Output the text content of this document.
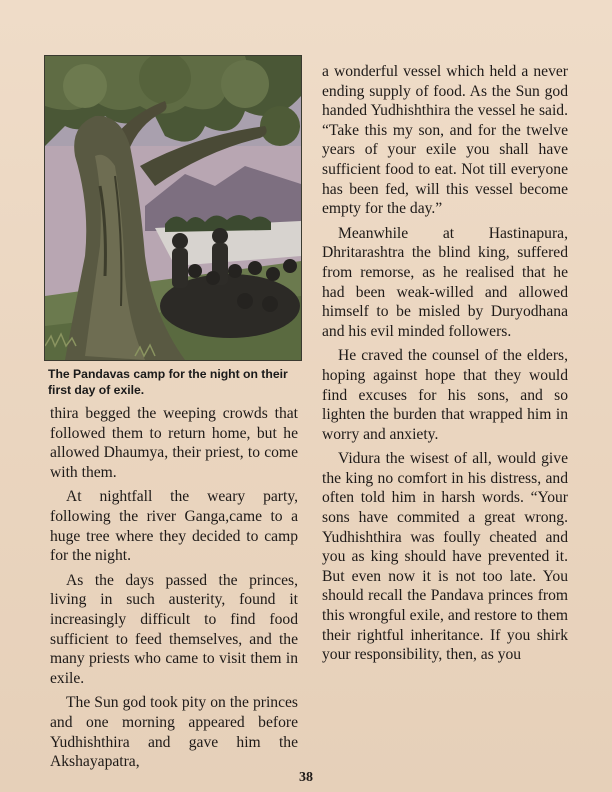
The Pandavas camp for the night on their first day of exile.

thira begged the weeping crowds that followed them to return home, but he allowed Dhaumya, their priest, to come with them.

At nightfall the weary party, following the river Ganga,came to a huge tree where they decided to camp for the night.

As the days passed the princes, living in such austerity, found it increasingly difficult to find food sufficient to feed themselves, and the many priests who came to visit them in exile.

The Sun god took pity on the princes and one morning appeared before Yudhishthira and gave him the Akshayapatra,

a wonderful vessel which held a never ending supply of food. As the Sun god handed Yudhishthira the vessel he said. “Take this my son, and for the twelve years of your exile you shall have sufficient food to eat. Not till everyone has been fed, will this vessel become empty for the day.”

Meanwhile at Hastinapura, Dhritarashtra the blind king, suffered from remorse, as he realised that he had been weak-willed and allowed himself to be misled by Duryodhana and his evil minded followers.

He craved the counsel of the elders, hoping against hope that they would find excuses for his sons, and so lighten the burden that wrapped him in worry and anxiety.

Vidura the wisest of all, would give the king no comfort in his distress, and often told him in harsh words. “Your sons have commited a great wrong. Yudhishthira was foully cheated and you as king should have prevented it. But even now it is not too late. You should recall the Pandava princes from this wrongful exile, and restore to them their rightful inheritance. If you shirk your responsibility, then, as you

38
